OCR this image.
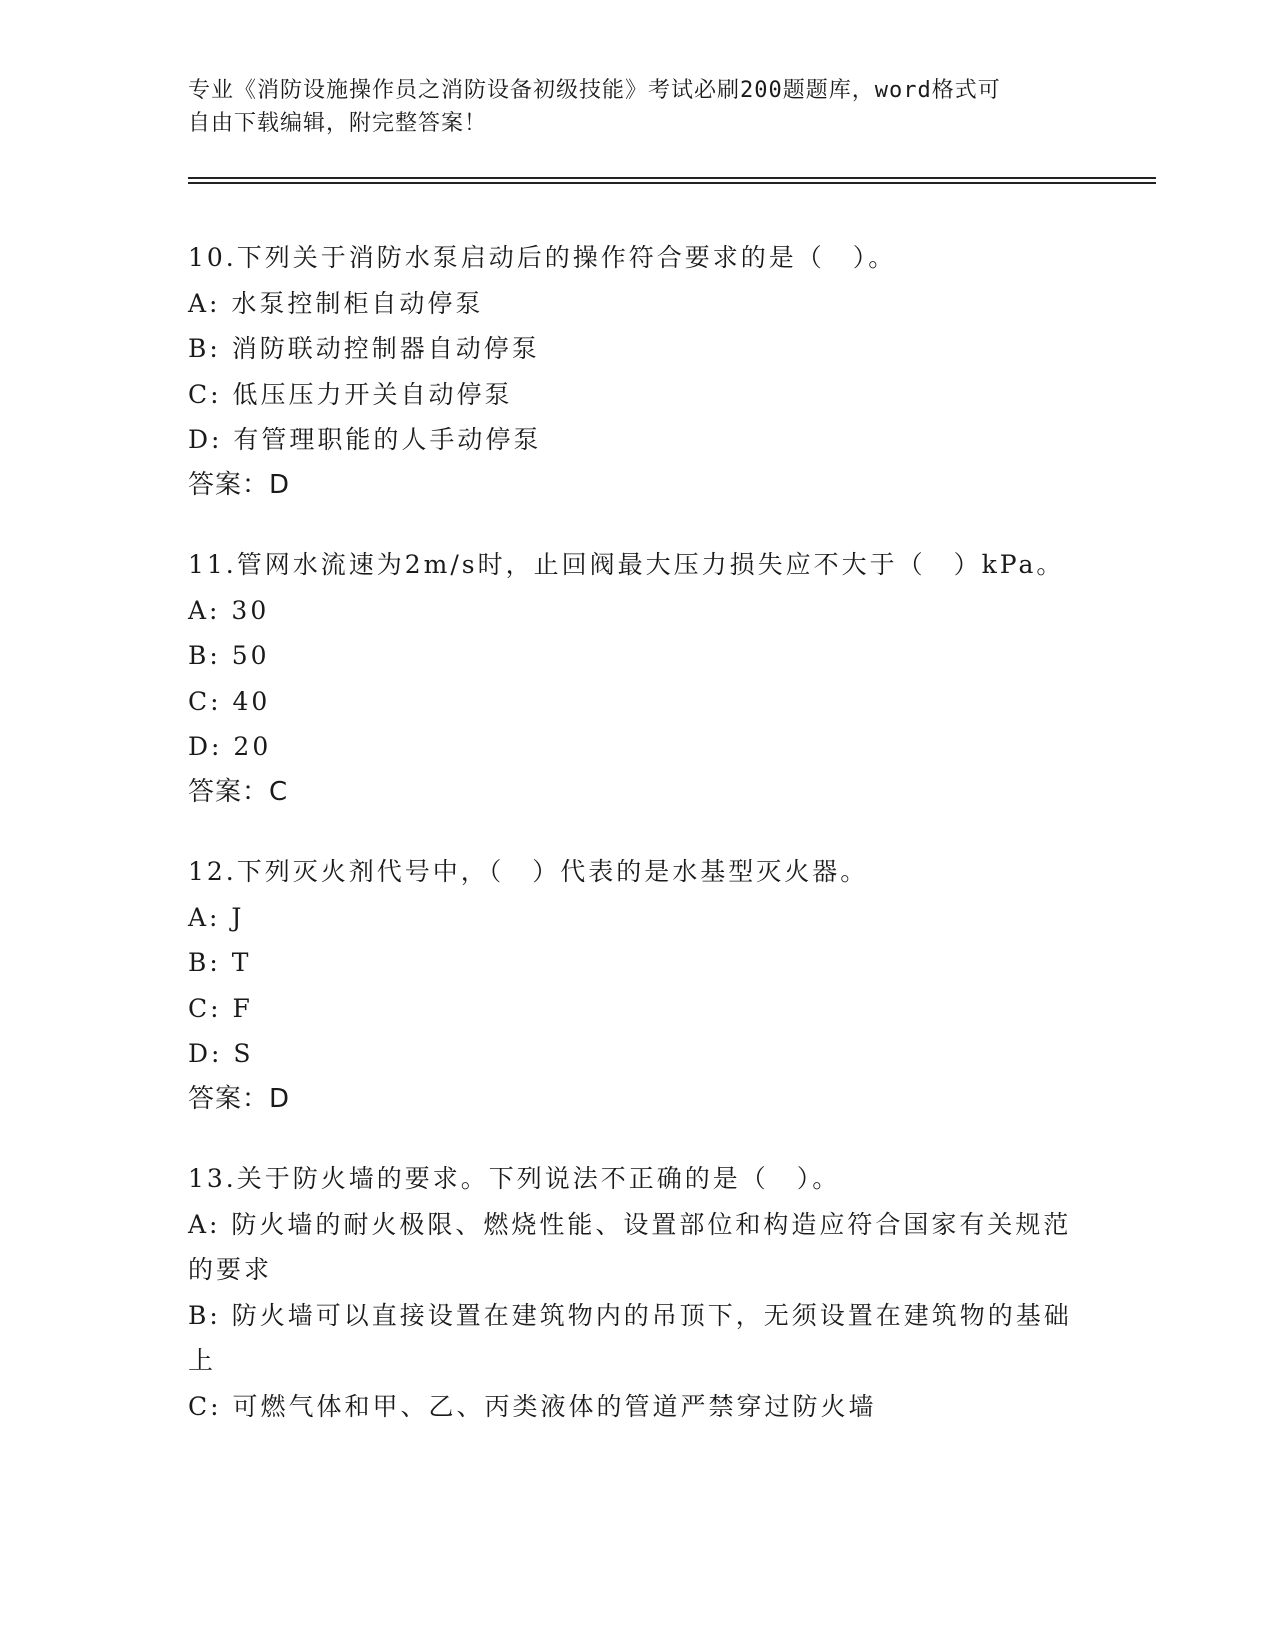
专业《消防设施操作员之消防设备初级技能》考试必刷200题题库，word格式可
自由下载编辑，附完整答案！
10.下列关于消防水泵启动后的操作符合要求的是（　）。
A: 水泵控制柜自动停泵
B: 消防联动控制器自动停泵
C: 低压压力开关自动停泵
D: 有管理职能的人手动停泵
答案：D
11.管网水流速为2m/s时，止回阀最大压力损失应不大于（　）kPa。
A: 30
B: 50
C: 40
D: 20
答案：C
12.下列灭火剂代号中，（　）代表的是水基型灭火器。
A: J
B: T
C: F
D: S
答案：D
13.关于防火墙的要求。下列说法不正确的是（　）。
A: 防火墙的耐火极限、燃烧性能、设置部位和构造应符合国家有关规范的要求
B: 防火墙可以直接设置在建筑物内的吊顶下，无须设置在建筑物的基础上
C: 可燃气体和甲、乙、丙类液体的管道严禁穿过防火墙
